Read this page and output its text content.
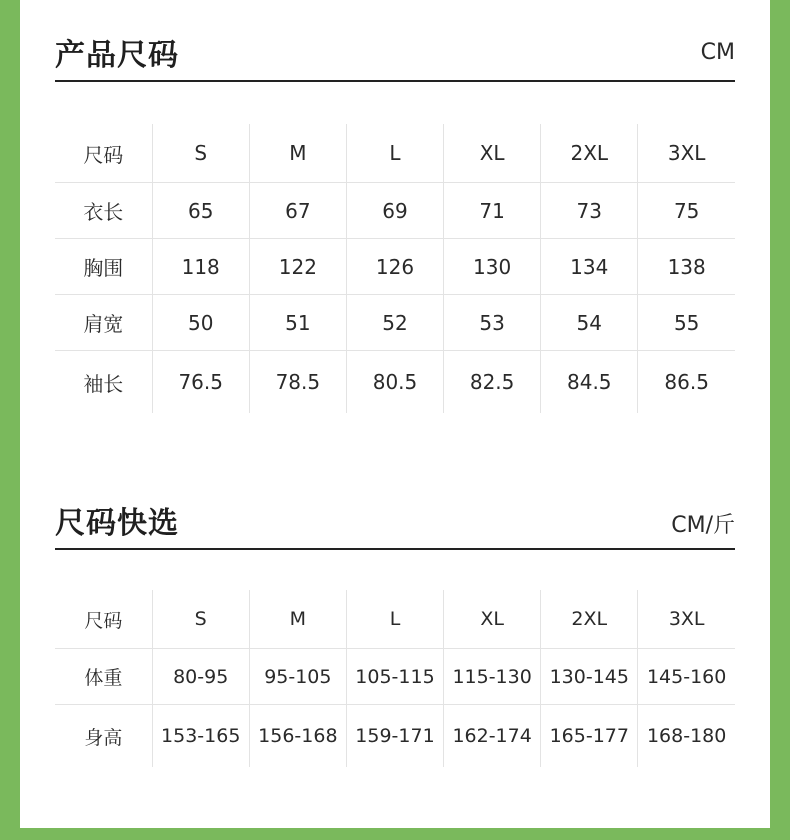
产品尺码	CM
尺码	S	M	L	XL	2XL	3XL
衣长	65	67	69	71	73	75
胸围	118	122	126	130	134	138
肩宽	50	51	52	53	54	55
袖长	76.5	78.5	80.5	82.5	84.5	86.5
尺码快选	CM/斤
尺码	S	M	L	XL	2XL	3XL
体重	80-95	95-105	105-115	115-130	130-145	145-160
身高	153-165	156-168	159-171	162-174	165-177	168-180
